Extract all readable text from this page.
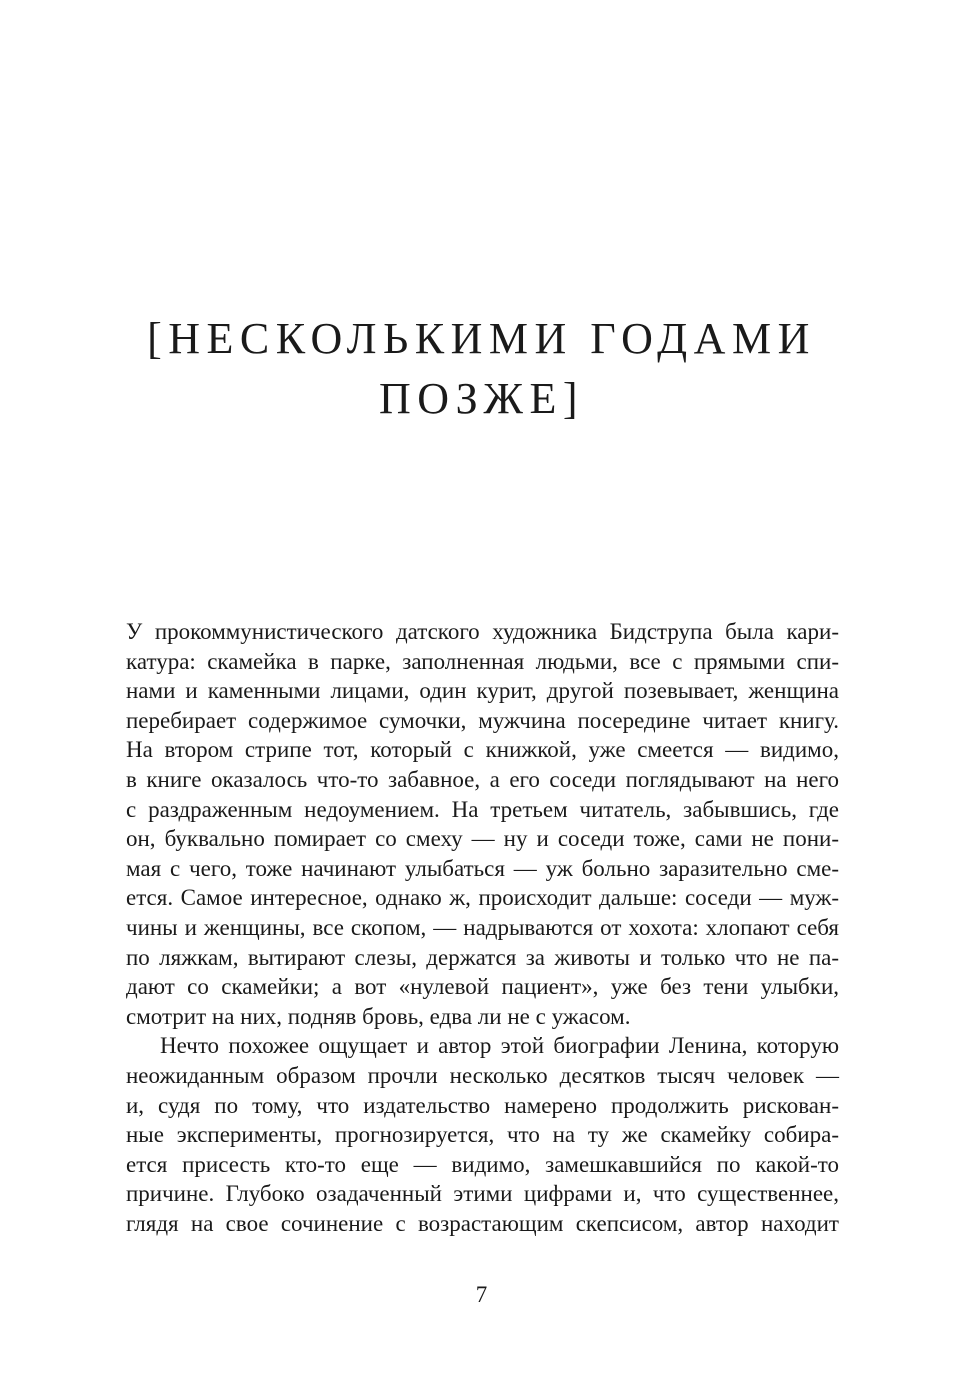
[НЕСКОЛЬКИМИ ГОДАМИ
ПОЗЖЕ]
У прокоммунистического датского художника Бидструпа была кари-
катура: скамейка в парке, заполненная людьми, все с прямыми спи-
нами и каменными лицами, один курит, другой позевывает, женщина
перебирает содержимое сумочки, мужчина посередине читает книгу.
На втором стрипе тот, который с книжкой, уже смеется — видимо,
в книге оказалось что-то забавное, а его соседи поглядывают на него
с раздраженным недоумением. На третьем читатель, забывшись, где
он, буквально помирает со смеху — ну и соседи тоже, сами не пони-
мая с чего, тоже начинают улыбаться — уж больно заразительно сме-
ется. Самое интересное, однако ж, происходит дальше: соседи — муж-
чины и женщины, все скопом, — надрываются от хохота: хлопают себя
по ляжкам, вытирают слезы, держатся за животы и только что не па-
дают со скамейки; а вот «нулевой пациент», уже без тени улыбки,
смотрит на них, подняв бровь, едва ли не с ужасом.
Нечто похожее ощущает и автор этой биографии Ленина, которую
неожиданным образом прочли несколько десятков тысяч человек —
и, судя по тому, что издательство намерено продолжить рискован-
ные эксперименты, прогнозируется, что на ту же скамейку собира-
ется присесть кто-то еще — видимо, замешкавшийся по какой-то
причине. Глубоко озадаченный этими цифрами и, что существеннее,
глядя на свое сочинение с возрастающим скепсисом, автор находит
7
